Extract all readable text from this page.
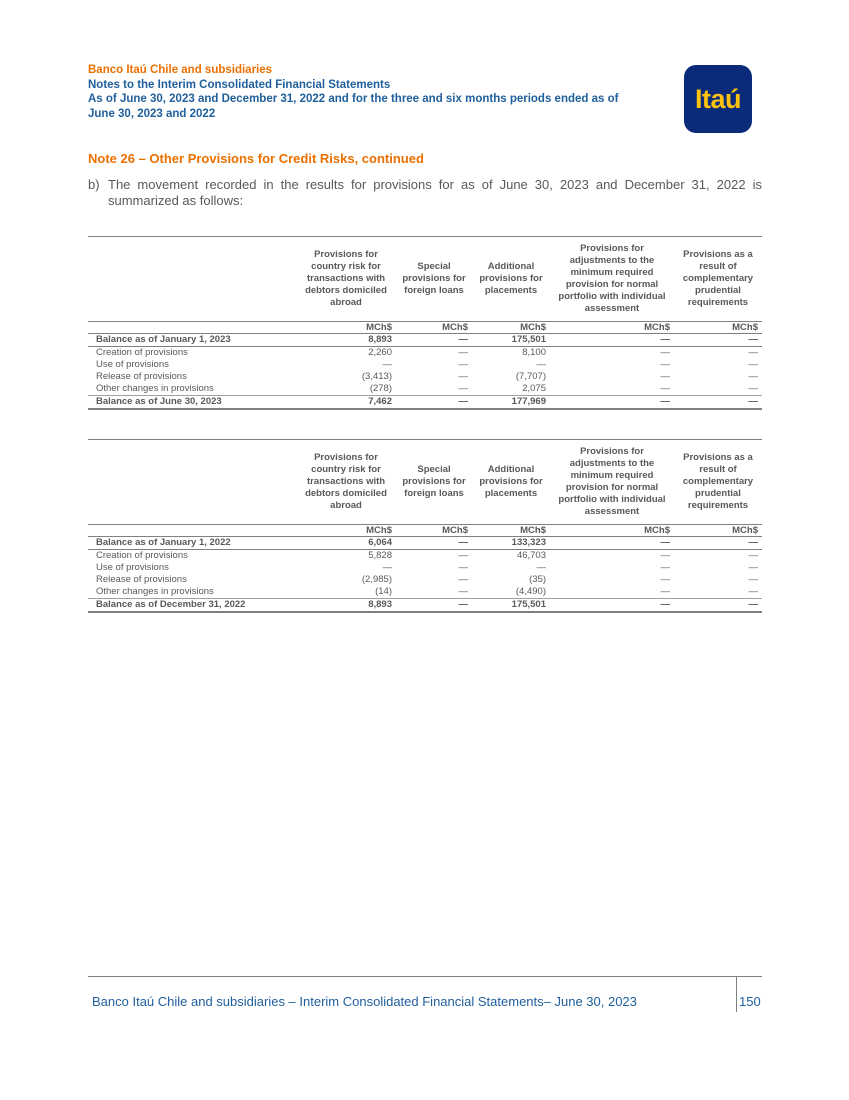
Banco Itaú Chile and subsidiaries
Notes to the Interim Consolidated Financial Statements
As of June 30, 2023 and December 31, 2022 and for the three and six months periods ended as of
June 30, 2023 and 2022	Itaú
Note 26 – Other Provisions for Credit Risks, continued
b) The movement recorded in the results for provisions for as of June 30, 2023 and December 31, 2022 is summarized as follows:
	Provisions for country risk for transactions with debtors domiciled abroad	Special provisions for foreign loans	Additional provisions for placements	Provisions for adjustments to the minimum required provision for normal portfolio with individual assessment	Provisions as a result of complementary prudential requirements
	MCh$	MCh$	MCh$	MCh$	MCh$
Balance as of January 1, 2023	8,893	—	175,501	—	—
Creation of provisions	2,260	—	8,100	—	—
Use of provisions	—	—	—	—	—
Release of provisions	(3,413)	—	(7,707)	—	—
Other changes in provisions	(278)	—	2,075	—	—
Balance as of June 30, 2023	7,462	—	177,969	—	—
	Provisions for country risk for transactions with debtors domiciled abroad	Special provisions for foreign loans	Additional provisions for placements	Provisions for adjustments to the minimum required provision for normal portfolio with individual assessment	Provisions as a result of complementary prudential requirements
	MCh$	MCh$	MCh$	MCh$	MCh$
Balance as of January 1, 2022	6,064	—	133,323	—	—
Creation of provisions	5,828	—	46,703	—	—
Use of provisions	—	—	—	—	—
Release of provisions	(2,985)	—	(35)	—	—
Other changes in provisions	(14)	—	(4,490)	—	—
Balance as of December 31, 2022	8,893	—	175,501	—	—
Banco Itaú Chile and subsidiaries – Interim Consolidated Financial Statements– June 30, 2023	150
